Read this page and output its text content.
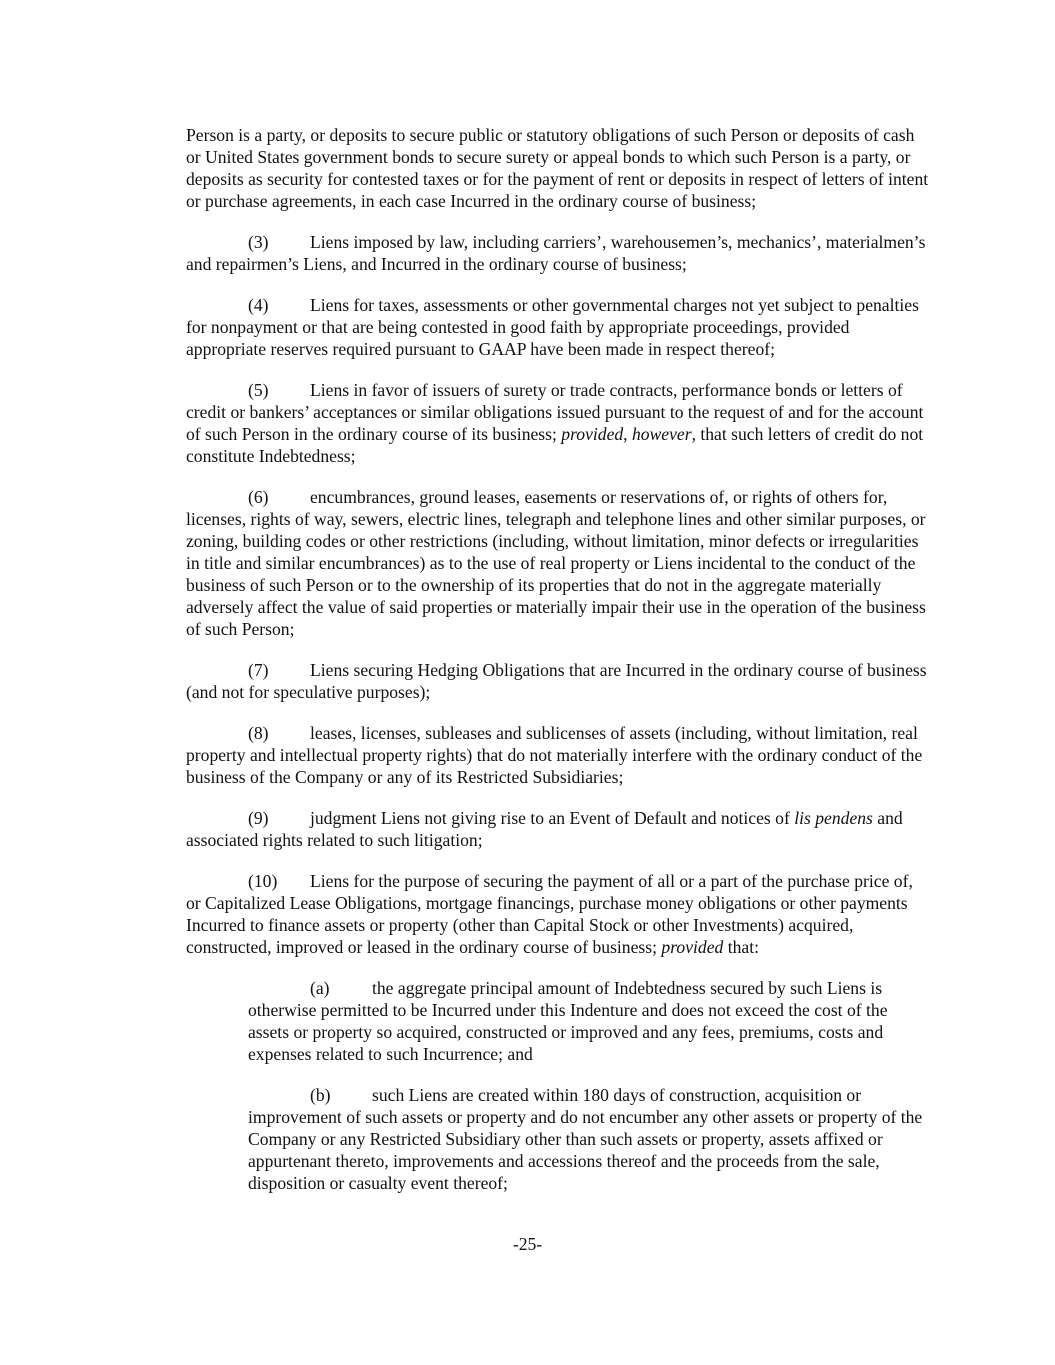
Person is a party, or deposits to secure public or statutory obligations of such Person or deposits of cash or United States government bonds to secure surety or appeal bonds to which such Person is a party, or deposits as security for contested taxes or for the payment of rent or deposits in respect of letters of intent or purchase agreements, in each case Incurred in the ordinary course of business;

(3) Liens imposed by law, including carriers’, warehousemen’s, mechanics’, materialmen’s and repairmen’s Liens, and Incurred in the ordinary course of business;

(4) Liens for taxes, assessments or other governmental charges not yet subject to penalties for nonpayment or that are being contested in good faith by appropriate proceedings, provided appropriate reserves required pursuant to GAAP have been made in respect thereof;

(5) Liens in favor of issuers of surety or trade contracts, performance bonds or letters of credit or bankers’ acceptances or similar obligations issued pursuant to the request of and for the account of such Person in the ordinary course of its business; provided, however, that such letters of credit do not constitute Indebtedness;

(6) encumbrances, ground leases, easements or reservations of, or rights of others for, licenses, rights of way, sewers, electric lines, telegraph and telephone lines and other similar purposes, or zoning, building codes or other restrictions (including, without limitation, minor defects or irregularities in title and similar encumbrances) as to the use of real property or Liens incidental to the conduct of the business of such Person or to the ownership of its properties that do not in the aggregate materially adversely affect the value of said properties or materially impair their use in the operation of the business of such Person;

(7) Liens securing Hedging Obligations that are Incurred in the ordinary course of business (and not for speculative purposes);

(8) leases, licenses, subleases and sublicenses of assets (including, without limitation, real property and intellectual property rights) that do not materially interfere with the ordinary conduct of the business of the Company or any of its Restricted Subsidiaries;

(9) judgment Liens not giving rise to an Event of Default and notices of lis pendens and associated rights related to such litigation;

(10) Liens for the purpose of securing the payment of all or a part of the purchase price of, or Capitalized Lease Obligations, mortgage financings, purchase money obligations or other payments Incurred to finance assets or property (other than Capital Stock or other Investments) acquired, constructed, improved or leased in the ordinary course of business; provided that:

(a) the aggregate principal amount of Indebtedness secured by such Liens is otherwise permitted to be Incurred under this Indenture and does not exceed the cost of the assets or property so acquired, constructed or improved and any fees, premiums, costs and expenses related to such Incurrence; and

(b) such Liens are created within 180 days of construction, acquisition or improvement of such assets or property and do not encumber any other assets or property of the Company or any Restricted Subsidiary other than such assets or property, assets affixed or appurtenant thereto, improvements and accessions thereof and the proceeds from the sale, disposition or casualty event thereof;

-25-
